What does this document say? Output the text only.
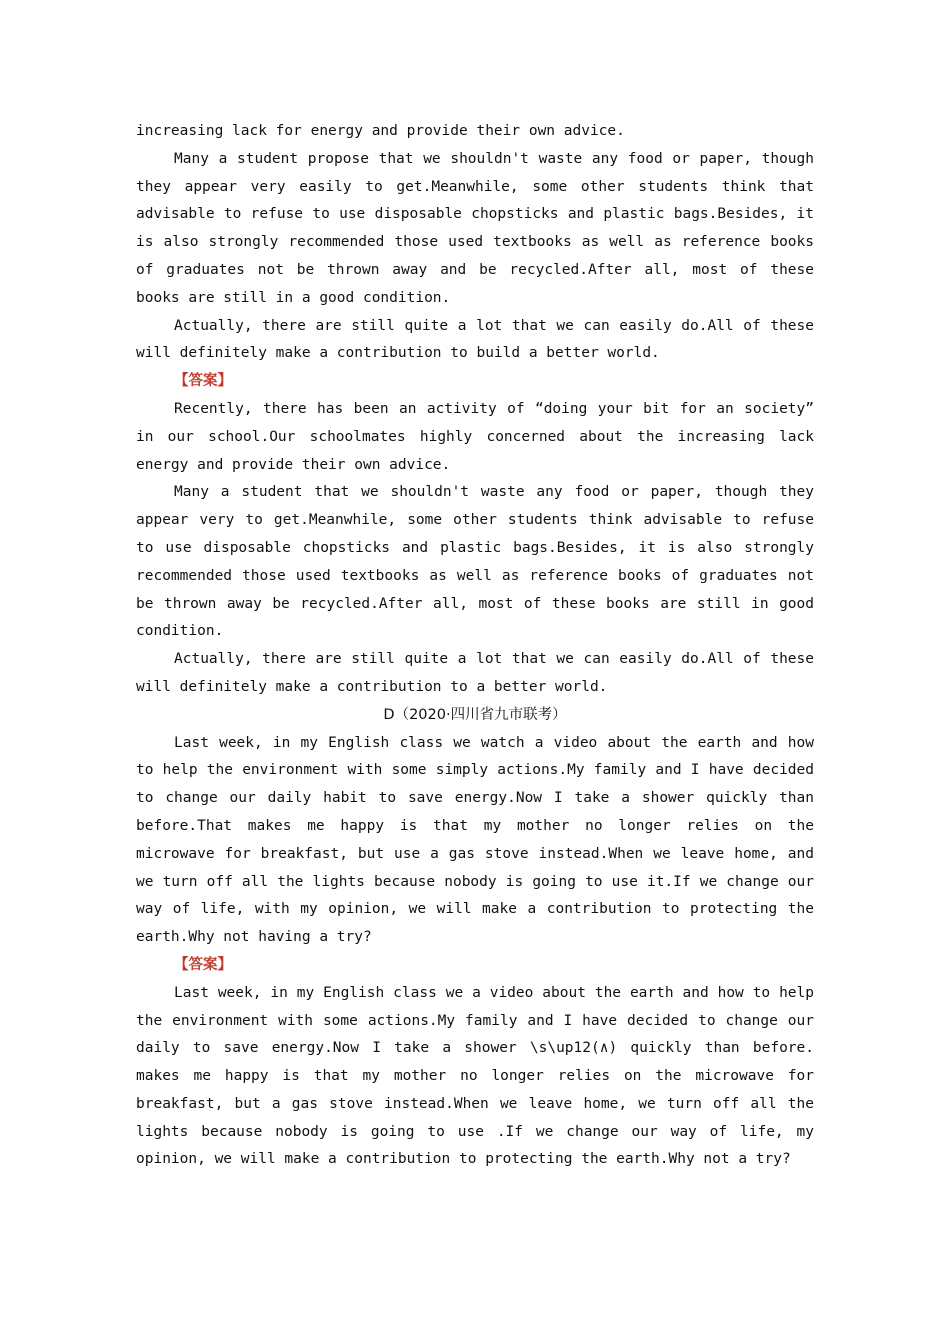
increasing lack for energy and provide their own advice.

Many a student propose that we shouldn't waste any food or paper, though they appear very easily to get.Meanwhile, some other students think that advisable to refuse to use disposable chopsticks and plastic bags.Besides, it is also strongly recommended those used textbooks as well as reference books of graduates not be thrown away and be recycled.After all, most of these books are still in a good condition.

Actually, there are still quite a lot that we can easily do.All of these will definitely make a contribution to build a better world.

【答案】

Recently, there has been an activity of “doing your bit for an society” in our school.Our schoolmates highly concerned about the increasing lack energy and provide their own advice.

Many a student that we shouldn't waste any food or paper, though they appear very to get.Meanwhile, some other students think advisable to refuse to use disposable chopsticks and plastic bags.Besides, it is also strongly recommended those used textbooks as well as reference books of graduates not be thrown away be recycled.After all, most of these books are still in good condition.

Actually, there are still quite a lot that we can easily do.All of these will definitely make a contribution to a better world.

D（2020·四川省九市联考）

Last week, in my English class we watch a video about the earth and how to help the environment with some simply actions.My family and I have decided to change our daily habit to save energy.Now I take a shower quickly than before.That makes me happy is that my mother no longer relies on the microwave for breakfast, but use a gas stove instead.When we leave home, and we turn off all the lights because nobody is going to use it.If we change our way of life, with my opinion, we will make a contribution to protecting the earth.Why not having a try?

【答案】

Last week, in my English class we a video about the earth and how to help the environment with some actions.My family and I have decided to change our daily to save energy.Now I take a shower \s\up12(∧) quickly than before. makes me happy is that my mother no longer relies on the microwave for breakfast, but a gas stove instead.When we leave home, we turn off all the lights because nobody is going to use .If we change our way of life, my opinion, we will make a contribution to protecting the earth.Why not a try?
